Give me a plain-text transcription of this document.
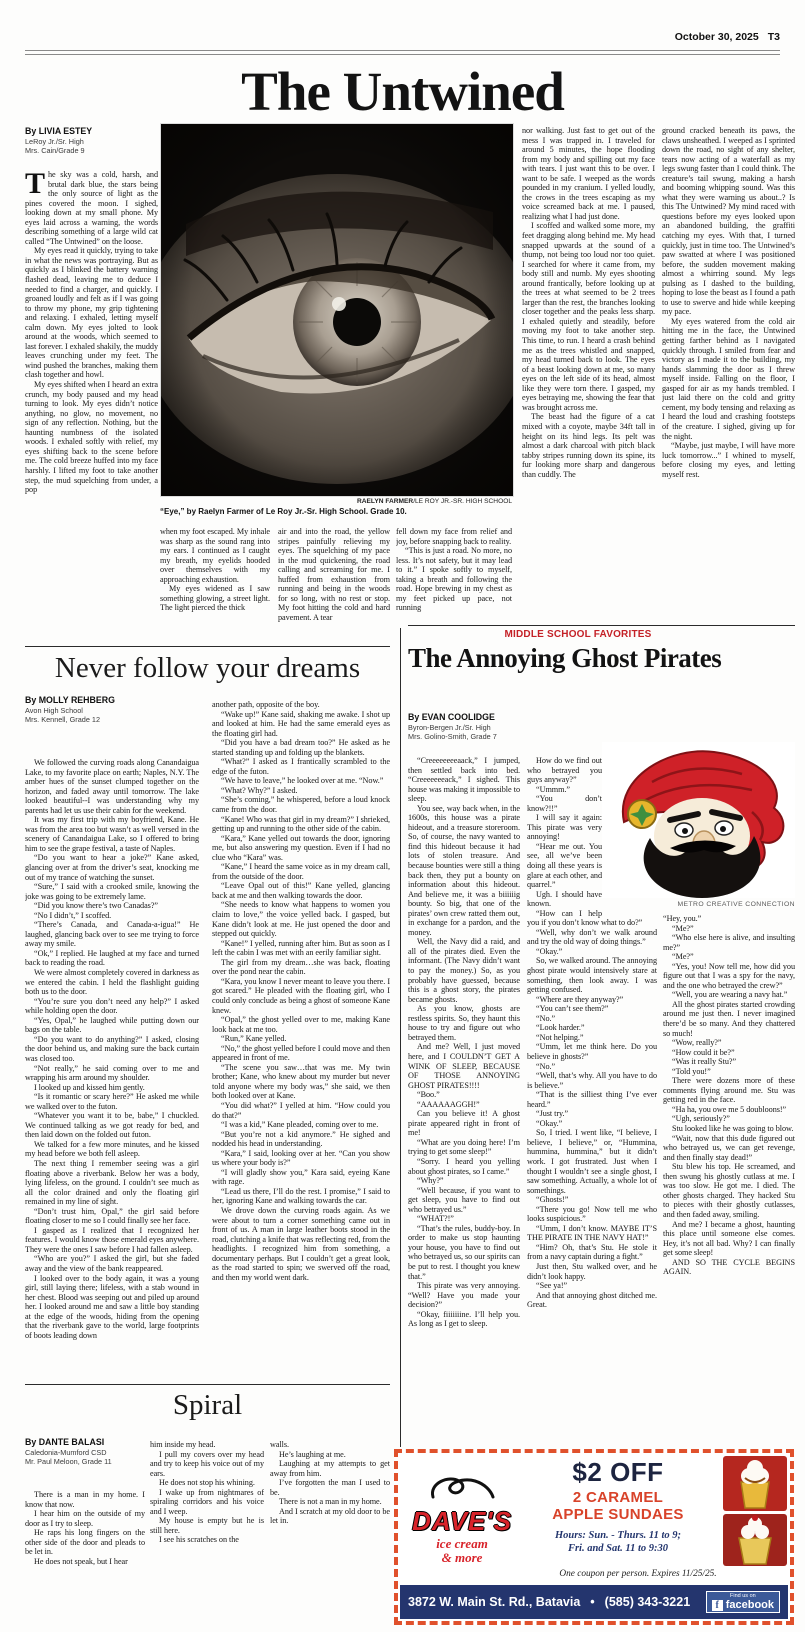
October 30, 2025 T3
The Untwined
By LIVIA ESTEY
LeRoy Jr./Sr. High
Mrs. Cain/Grade 9
RAELYN FARMER/LE ROY JR.-SR. HIGH SCHOOL
“Eye,” by Raelyn Farmer of Le Roy Jr.-Sr. High School. Grade 10.

The sky was a cold, harsh, and brutal dark blue, the stars being the only source of light as the pines covered the moon. I sighed, looking down at my small phone. My eyes laid across a warning, the words describing something of a large wild cat called “The Untwined” on the loose.

My eyes read it quickly, trying to take in what the news was portraying. But as quickly as I blinked the battery warning flashed dead, leaving me to deduce I needed to find a charger, and quickly. I groaned loudly and felt as if I was going to throw my phone, my grip tightening and relaxing. I exhaled, letting myself calm down. My eyes jolted to look around at the woods, which seemed to last forever. I exhaled shakily, the muddy leaves crunching under my feet. The wind pushed the branches, making them clash together and howl.

My eyes shifted when I heard an extra crunch, my body paused and my head turning to look. My eyes didn’t notice anything, no glow, no movement, no sign of any reflection. Nothing, but the haunting numbness of the isolated woods. I exhaled softly with relief, my eyes shifting back to the scene before me. The cold breeze huffed into my face harshly. I lifted my foot to take another step, the mud squelching from under, a pop

when my foot escaped. My inhale was sharp as the sound rang into my ears. I continued as I caught my breath, my eyelids hooded over themselves with my approaching exhaustion.

My eyes widened as I saw something glowing, a street light. The light pierced the thick

air and into the road, the yellow stripes painfully relieving my eyes. The squelching of my pace in the mud quickening, the road calling and screaming for me. I huffed from exhaustion from running and being in the woods for so long, with no rest or stop. My foot hitting the cold and hard pavement. A tear

fell down my face from relief and joy, before snapping back to reality.

“This is just a road. No more, no less. It’s not safety, but it may lead to it.” I spoke softly to myself, taking a breath and following the road. Hope brewing in my chest as my feet picked up pace, not running

nor walking. Just fast to get out of the mess I was trapped in. I traveled for around 5 minutes, the hope flooding from my body and spilling out my face with tears. I just want this to be over. I want to be safe. I weeped as the words pounded in my cranium. I yelled loudly, the crows in the trees escaping as my voice screamed back at me. I paused, realizing what I had just done.

I scoffed and walked some more, my feet dragging along behind me. My head snapped upwards at the sound of a thump, not being too loud nor too quiet. I searched for where it came from, my body still and numb. My eyes shooting around frantically, before looking up at the trees at what seemed to be 2 trees larger than the rest, the branches looking closer together and the peaks less sharp. I exhaled quietly and steadily, before moving my foot to take another step. This time, to run. I heard a crash behind me as the trees whistled and snapped, my head turned back to look. The eyes of a beast looking down at me, so many eyes on the left side of its head, almost like they were torn there. I gasped, my eyes betraying me, showing the fear that was brought across me.

The beast had the figure of a cat mixed with a coyote, maybe 34ft tall in height on its hind legs. Its pelt was almost a dark charcoal with pitch black tabby stripes running down its spine, its fur looking more sharp and dangerous than cuddly. The

ground cracked beneath its paws, the claws unsheathed. I weeped as I sprinted down the road, no sight of any shelter, tears now acting of a waterfall as my legs swung faster than I could think. The creature’s tail swung, making a harsh and booming whipping sound. Was this what they were warning us about..? Is this The Untwined? My mind raced with questions before my eyes looked upon an abandoned building, the graffiti catching my eyes. With that, I turned quickly, just in time too. The Untwined’s paw swatted at where I was positioned before, the sudden movement making almost a whirring sound. My legs pulsing as I dashed to the building, hoping to lose the beast as I found a path to use to swerve and hide while keeping my pace.

My eyes watered from the cold air hitting me in the face, the Untwined getting farther behind as I navigated quickly through. I smiled from fear and victory as I made it to the building, my hands slamming the door as I threw myself inside. Falling on the floor, I gasped for air as my hands trembled. I just laid there on the cold and gritty cement, my body tensing and relaxing as I heard the loud and crashing footsteps of the creature. I sighed, giving up for the night.

“Maybe, just maybe, I will have more luck tomorrow...” I whined to myself, before closing my eyes, and letting myself rest.

Never follow your dreams
By MOLLY REHBERG
Avon High School
Mrs. Kennell, Grade 12

We followed the curving roads along Canandaigua Lake, to my favorite place on earth; Naples, N.Y. The amber hues of the sunset clumped together on the horizon, and faded away until tomorrow. The lake looked beautiful--I was understanding why my parents had let us use their cabin for the weekend.

It was my first trip with my boyfriend, Kane. He was from the area too but wasn’t as well versed in the scenery of Canandaigua Lake, so I offered to bring him to see the grape festival, a taste of Naples.

“Do you want to hear a joke?” Kane asked, glancing over at from the driver’s seat, knocking me out of my trance of watching the sunset.

“Sure,” I said with a crooked smile, knowing the joke was going to be extremely lame.

“Did you know there’s two Canadas?”

“No I didn’t,” I scoffed.

“There’s Canada, and Canada-a-igua!” He laughed, glancing back over to see me trying to force away my smile.

“Ok,” I replied. He laughed at my face and turned back to reading the road.

We were almost completely covered in darkness as we entered the cabin. I held the flashlight guiding both us to the door.

“You’re sure you don’t need any help?” I asked while holding open the door.

“Yes, Opal,” he laughed while putting down our bags on the table.

“Do you want to do anything?” I asked, closing the door behind us, and making sure the back curtain was closed too.

“Not really,” he said coming over to me and wrapping his arm around my shoulder.

I looked up and kissed him gently.

“Is it romantic or scary here?” He asked me while we walked over to the futon.

“Whatever you want it to be, babe,” I chuckled. We continued talking as we got ready for bed, and then laid down on the folded out futon.

We talked for a few more minutes, and he kissed my head before we both fell asleep.

The next thing I remember seeing was a girl floating above a riverbank. Below her was a body, lying lifeless, on the ground. I couldn’t see much as all the color drained and only the floating girl remained in my line of sight.

“Don’t trust him, Opal,” the girl said before floating closer to me so I could finally see her face.

I gasped as I realized that I recognized her features. I would know those emerald eyes anywhere. They were the ones I saw before I had fallen asleep.

“Who are you?” I asked the girl, but she faded away and the view of the bank reappeared.

I looked over to the body again, it was a young girl, still laying there; lifeless, with a stab wound in her chest. Blood was seeping out and piled up around her. I looked around me and saw a little boy standing at the edge of the woods, hiding from the opening that the riverbank gave to the world, large footprints of boots leading down

another path, opposite of the boy.

“Wake up!” Kane said, shaking me awake. I shot up and looked at him. He had the same emerald eyes as the floating girl had.

“Did you have a bad dream too?” He asked as he started standing up and folding up the blankets.

“What?” I asked as I frantically scrambled to the edge of the futon.

“We have to leave,” he looked over at me. “Now.”

“What? Why?” I asked.

“She’s coming,” he whispered, before a loud knock came from the door.

“Kane! Who was that girl in my dream?” I shrieked, getting up and running to the other side of the cabin.

“Kara,” Kane yelled out towards the door, ignoring me, but also answering my question. Even if I had no clue who “Kara” was.

“Kane,” I heard the same voice as in my dream call, from the outside of the door.

“Leave Opal out of this!” Kane yelled, glancing back at me and then walking towards the door.

“She needs to know what happens to women you claim to love,” the voice yelled back. I gasped, but Kane didn’t look at me. He just opened the door and stepped out quickly.

“Kane!” I yelled, running after him. But as soon as I left the cabin I was met with an eerily familiar sight.

The girl from my dream…she was back, floating over the pond near the cabin.

“Kara, you know I never meant to leave you there. I got scared.” He pleaded with the floating girl, who I could only conclude as being a ghost of someone Kane knew.

“Opal,” the ghost yelled over to me, making Kane look back at me too.

“Run,” Kane yelled.

“No,” the ghost yelled before I could move and then appeared in front of me.

“The scene you saw…that was me. My twin brother; Kane, who knew about my murder but never told anyone where my body was,” she said, we then both looked over at Kane.

“You did what?” I yelled at him. “How could you do that?”

“I was a kid,” Kane pleaded, coming over to me.

“But you’re not a kid anymore.” He sighed and nodded his head in understanding.

“Kara,” I said, looking over at her. “Can you show us where your body is?”

“I will gladly show you,” Kara said, eyeing Kane with rage.

“Lead us there, I’ll do the rest. I promise,” I said to her, ignoring Kane and walking towards the car.

We drove down the curving roads again. As we were about to turn a corner something came out in front of us. A man in large leather boots stood in the road, clutching a knife that was reflecting red, from the headlights. I recognized him from something, a documentary perhaps. But I couldn’t get a great look, as the road started to spin; we swerved off the road, and then my world went dark.

MIDDLE SCHOOL FAVORITES
The Annoying Ghost Pirates
By EVAN COOLIDGE
Byron-Bergen Jr./Sr. High
Mrs. Golino-Smith, Grade 7
METRO CREATIVE CONNECTION

“Creeeeeeeeaack,” I jumped, then settled back into bed. “Creeeeeeeack,” I sighed. This house was making it impossible to sleep.

You see, way back when, in the 1600s, this house was a pirate hideout, and a treasure storeroom. So, of course, the navy wanted to find this hideout because it had lots of stolen treasure. And because bounties were still a thing back then, they put a bounty on information about this hideout. And believe me, it was a biiiiiig bounty. So big, that one of the pirates’ own crew ratted them out, in exchange for a pardon, and the money.

Well, the Navy did a raid, and all of the pirates died. Even the informant. (The Navy didn’t want to pay the money.) So, as you probably have guessed, because this is a ghost story, the pirates became ghosts.

As you know, ghosts are restless spirits. So, they haunt this house to try and figure out who betrayed them.

And me? Well, I just moved here, and I COULDN’T GET A WINK OF SLEEP, BECAUSE OF THOSE ANNOYING GHOST PIRATES!!!!

“Boo.”

“AAAAAAGGH!”

Can you believe it! A ghost pirate appeared right in front of me!

“What are you doing here! I’m trying to get some sleep!”

“Sorry. I heard you yelling about ghost pirates, so I came.”

“Why?”

“Well because, if you want to get sleep, you have to find out who betrayed us.”

“WHAT?!”

“That’s the rules, buddy-boy. In order to make us stop haunting your house, you have to find out who betrayed us, so our spirits can be put to rest. I thought you knew that.”

This pirate was very annoying. “Well? Have you made your decision?”

“Okay, fiiiiiiine. I’ll help you. As long as I get to sleep.

How do we find out who betrayed you guys anyway?”

“Ummm.”

“You don’t know?!!”

I will say it again: This pirate was very annoying!

“Hear me out. You see, all we’ve been doing all these years is glare at each other, and quarrel.”

Ugh. I should have known.

“How can I help you if you don’t know what to do?”

“Well, why don’t we walk around and try the old way of doing things.”

“Okay.”

So, we walked around. The annoying ghost pirate would intensively stare at something, then look away. I was getting confused.

“Where are they anyway?”

“You can’t see them?”

“No.”

“Look harder.”

“Not helping.”

“Umm, let me think here. Do you believe in ghosts?”

“No.”

“Well, that’s why. All you have to do is believe.”

“That is the silliest thing I’ve ever heard.”

“Just try.”

“Okay.”

So, I tried. I went like, “I believe, I believe, I believe,” or, “Hummina, hummina, hummina,” but it didn’t work. I got frustrated. Just when I thought I wouldn’t see a single ghost, I saw something. Actually, a whole lot of somethings.

“Ghosts!”

“There you go! Now tell me who looks suspicious.”

“Umm, I don’t know. MAYBE IT’S THE PIRATE IN THE NAVY HAT!”

“Him? Oh, that’s Stu. He stole it from a navy captain during a fight.”

Just then, Stu walked over, and he didn’t look happy.

“See ya!”

And that annoying ghost ditched me. Great.

“Hey, you.”

“Me?”

“Who else here is alive, and insulting me?”

“Me?”

“Yes, you! Now tell me, how did you figure out that I was a spy for the navy, and the one who betrayed the crew?”

“Well, you are wearing a navy hat.”

All the ghost pirates started crowding around me just then. I never imagined there’d be so many. And they chattered so much!

“Wow, really?”

“How could it be?”

“Was it really Stu?”

“Told you!”

There were dozens more of these comments flying around me. Stu was getting red in the face.

“Ha ha, you owe me 5 doubloons!”

“Ugh, seriously?”

Stu looked like he was going to blow.

“Wait, now that this dude figured out who betrayed us, we can get revenge, and then finally stay dead!”

Stu blew his top. He screamed, and then swung his ghostly cutlass at me. I was too slow. He got me. I died. The other ghosts charged. They hacked Stu to pieces with their ghostly cutlasses, and then faded away, smiling.

And me? I became a ghost, haunting this place until someone else comes. Hey, it’s not all bad. Why? I can finally get some sleep!

AND SO THE CYCLE BEGINS AGAIN.

Spiral
By DANTE BALASI
Caledonia-Mumford CSD
Mr. Paul Meloon, Grade 11

There is a man in my home. I know that now.

I hear him on the outside of my door as I try to sleep.

He raps his long fingers on the other side of the door and pleads to be let in.

He does not speak, but I hear

him inside my head.

I pull my covers over my head and try to keep his voice out of my ears.

He does not stop his whining.

I wake up from nightmares of spiraling corridors and his voice and I weep.

My house is empty but he is still here.

I see his scratches on the

walls.

He’s laughing at me.

Laughing at my attempts to get away from him.

I’ve forgotten the man I used to be.

There is not a man in my home.

And I scratch at my old door to be let in.	DAVE'S
ice cream
& more
$2 OFF
2 CARAMEL
APPLE SUNDAES
Hours: Sun. - Thurs. 11 to 9;
Fri. and Sat. 11 to 9:30
One coupon per person. Expires 11/25/25.
3872 W. Main St. Rd., Batavia • (585) 343-3221	Find us on
f facebook
